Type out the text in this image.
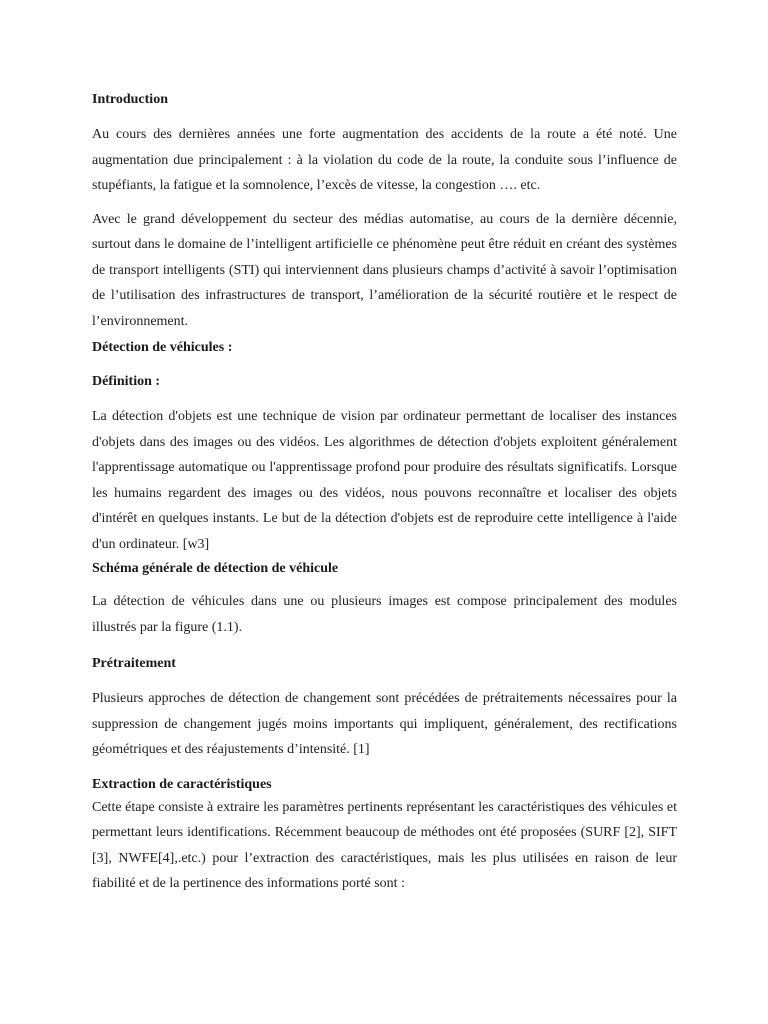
Introduction
Au cours des dernières années une forte augmentation des accidents de la route a été noté. Une augmentation due principalement : à la violation du code de la route, la conduite sous l’influence de stupéfiants, la fatigue et la somnolence, l’excès de vitesse, la congestion …. etc.
Avec le grand développement du secteur des médias automatise, au cours de la dernière décennie, surtout dans le domaine de l’intelligent artificielle ce phénomène peut être réduit en créant des systèmes de transport intelligents (STI) qui interviennent dans plusieurs champs d’activité à savoir l’optimisation de l’utilisation des infrastructures de transport, l’amélioration de la sécurité routière et le respect de l’environnement.
Détection de véhicules :
Définition :
La détection d'objets est une technique de vision par ordinateur permettant de localiser des instances d'objets dans des images ou des vidéos. Les algorithmes de détection d'objets exploitent généralement l'apprentissage automatique ou l'apprentissage profond pour produire des résultats significatifs. Lorsque les humains regardent des images ou des vidéos, nous pouvons reconnaître et localiser des objets d'intérêt en quelques instants. Le but de la détection d'objets est de reproduire cette intelligence à l'aide d'un ordinateur. [w3]
Schéma générale de détection de véhicule
La détection de véhicules dans une ou plusieurs images est compose principalement des modules illustrés par la figure (1.1).
Prétraitement
Plusieurs approches de détection de changement sont précédées de prétraitements nécessaires pour la suppression de changement jugés moins importants qui impliquent, généralement, des rectifications géométriques et des réajustements d’intensité. [1]
Extraction de caractéristiques
Cette étape consiste à extraire les paramètres pertinents représentant les caractéristiques des véhicules et permettant leurs identifications. Récemment beaucoup de méthodes ont été proposées (SURF [2], SIFT [3], NWFE[4],.etc.) pour l’extraction des caractéristiques, mais les plus utilisées en raison de leur fiabilité et de la pertinence des informations porté sont :
